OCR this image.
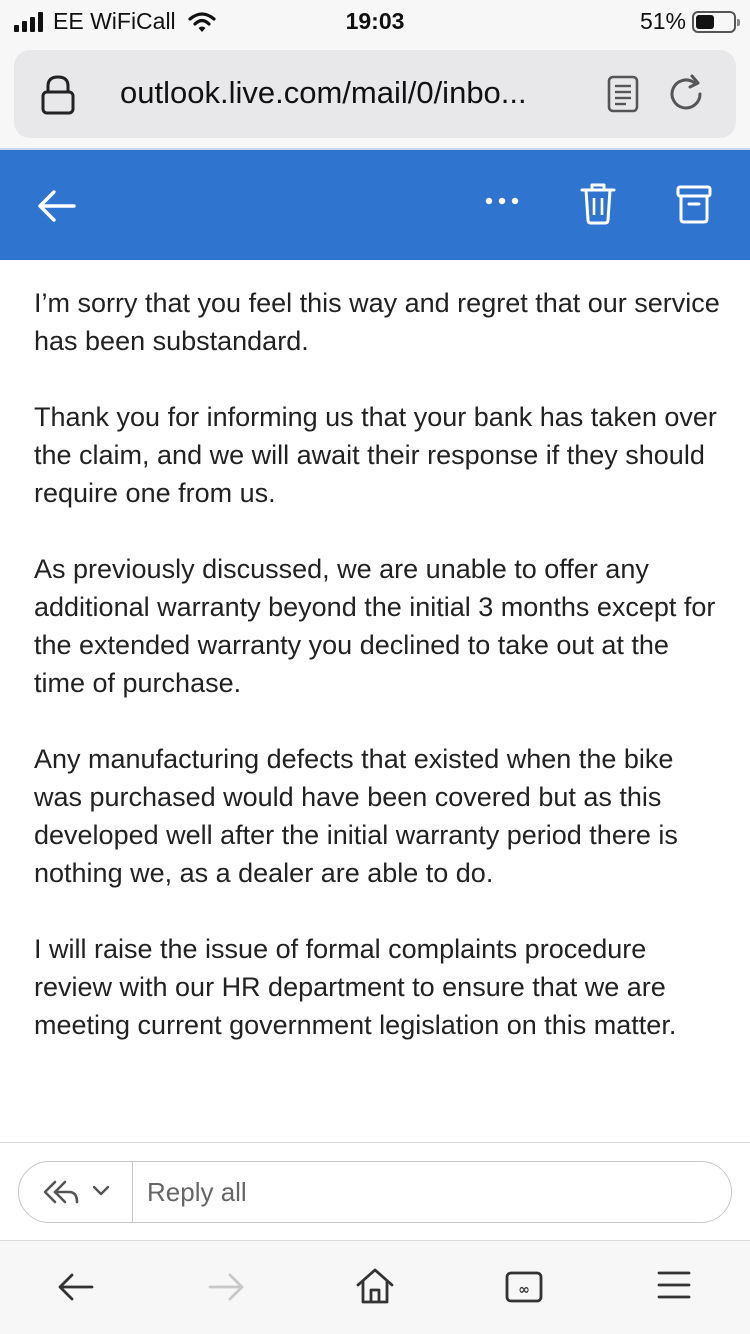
EE WiFiCall	19:03	51%
outlook.live.com/mail/0/inbo...

I’m sorry that you feel this way and regret that our service has been substandard.

Thank you for informing us that your bank has taken over the claim, and we will await their response if they should require one from us.

As previously discussed, we are unable to offer any additional warranty beyond the initial 3 months except for the extended warranty you declined to take out at the time of purchase.

Any manufacturing defects that existed when the bike was purchased would have been covered but as this developed well after the initial warranty period there is nothing we, as a dealer are able to do.

I will raise the issue of formal complaints procedure review with our HR department to ensure that we are meeting current government legislation on this matter.

Reply all
∞
